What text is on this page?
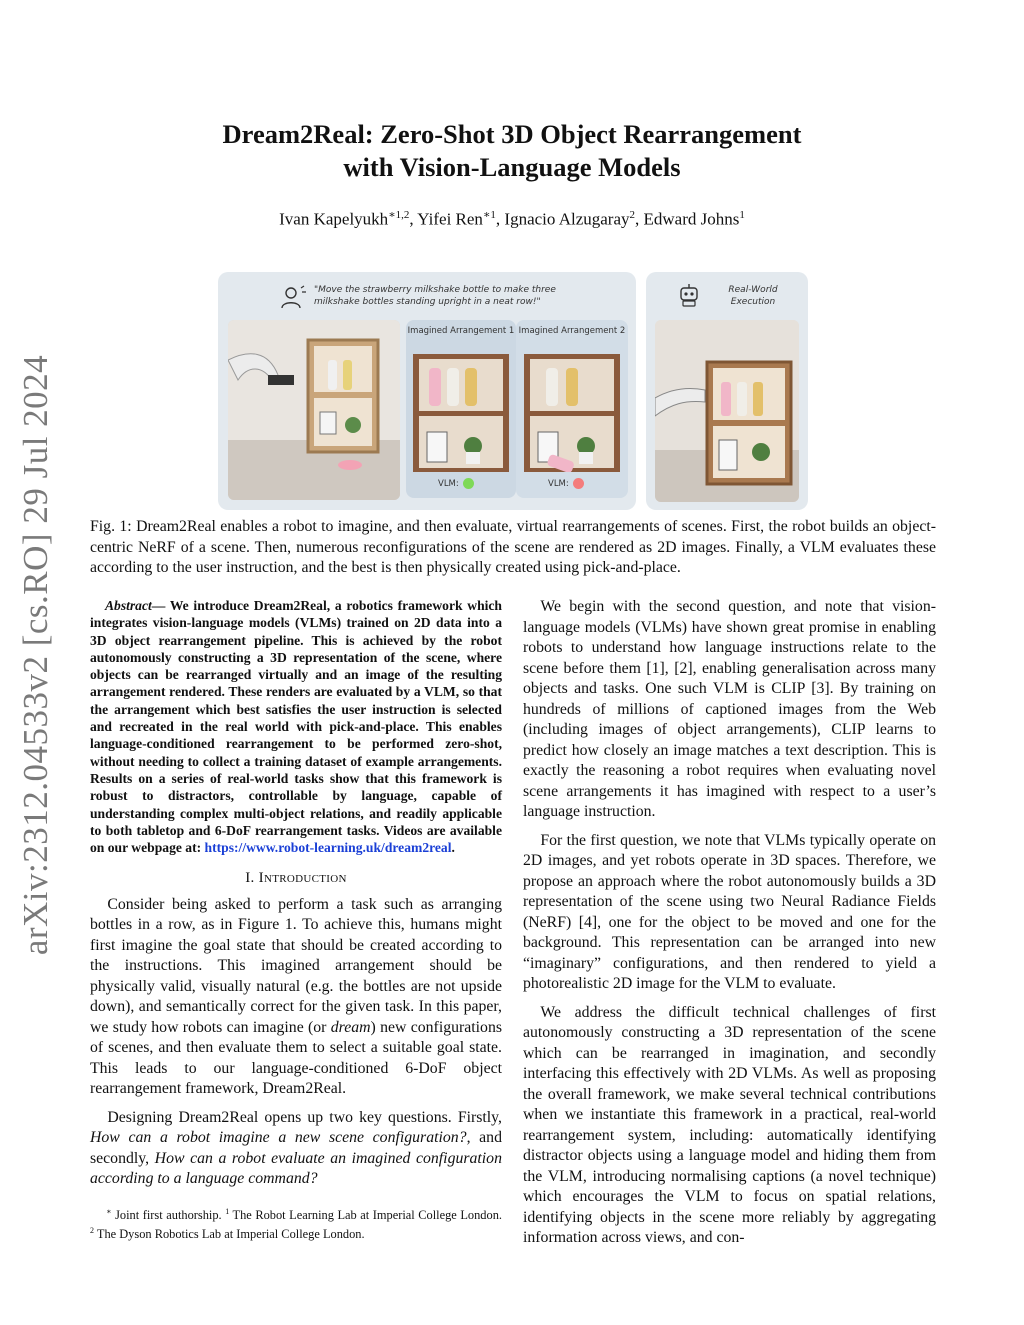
arXiv:2312.04533v2 [cs.RO] 29 Jul 2024
Dream2Real: Zero-Shot 3D Object Rearrangement
with Vision-Language Models
Ivan Kapelyukh$^{∗1,2}$, Yifei Ren$^{∗1}$, Ignacio Alzugaray$^2$, Edward Johns$^1$
"Move the strawberry milkshake bottle to make three milkshake bottles standing upright in a neat row!"
Imagined Arrangement 1
VLM:
Imagined Arrangement 2
VLM:
Real-World Execution
Fig. 1: Dream2Real enables a robot to imagine, and then evaluate, virtual rearrangements of scenes. First, the robot builds an object-centric NeRF of a scene. Then, numerous reconfigurations of the scene are rendered as 2D images. Finally, a VLM evaluates these according to the user instruction, and the best is then physically created using pick-and-place.

Abstract— We introduce Dream2Real, a robotics framework which integrates vision-language models (VLMs) trained on 2D data into a 3D object rearrangement pipeline. This is achieved by the robot autonomously constructing a 3D representation of the scene, where objects can be rearranged virtually and an image of the resulting arrangement rendered. These renders are evaluated by a VLM, so that the arrangement which best satisfies the user instruction is selected and recreated in the real world with pick-and-place. This enables language-conditioned rearrangement to be performed zero-shot, without needing to collect a training dataset of example arrangements. Results on a series of real-world tasks show that this framework is robust to distractors, controllable by language, capable of understanding complex multi-object relations, and readily applicable to both tabletop and 6-DoF rearrangement tasks. Videos are available on our webpage at: https://www.robot-learning.uk/dream2real.

I. Introduction

Consider being asked to perform a task such as arranging bottles in a row, as in Figure 1. To achieve this, humans might first imagine the goal state that should be created according to the instructions. This imagined arrangement should be physically valid, visually natural (e.g. the bottles are not upside down), and semantically correct for the given task. In this paper, we study how robots can imagine (or dream) new configurations of scenes, and then evaluate them to select a suitable goal state. This leads to our language-conditioned 6-DoF object rearrangement framework, Dream2Real.

Designing Dream2Real opens up two key questions. Firstly, How can a robot imagine a new scene configuration?, and secondly, How can a robot evaluate an imagined configuration according to a language command?

∗ Joint first authorship. $^1$ The Robot Learning Lab at Imperial College London. $^2$ The Dyson Robotics Lab at Imperial College London.

We begin with the second question, and note that vision-language models (VLMs) have shown great promise in enabling robots to understand how language instructions relate to the scene before them [1], [2], enabling generalisation across many objects and tasks. One such VLM is CLIP [3]. By training on hundreds of millions of captioned images from the Web (including images of object arrangements), CLIP learns to predict how closely an image matches a text description. This is exactly the reasoning a robot requires when evaluating novel scene arrangements it has imagined with respect to a user’s language instruction.

For the first question, we note that VLMs typically operate on 2D images, and yet robots operate in 3D spaces. Therefore, we propose an approach where the robot autonomously builds a 3D representation of the scene using two Neural Radiance Fields (NeRF) [4], one for the object to be moved and one for the background. This representation can be arranged into new “imaginary” configurations, and then rendered to yield a photorealistic 2D image for the VLM to evaluate.

We address the difficult technical challenges of first autonomously constructing a 3D representation of the scene which can be rearranged in imagination, and secondly interfacing this effectively with 2D VLMs. As well as proposing the overall framework, we make several technical contributions when we instantiate this framework in a practical, real-world rearrangement system, including: automatically identifying distractor objects using a language model and hiding them from the VLM, introducing normalising captions (a novel technique) which encourages the VLM to focus on spatial relations, identifying objects in the scene more reliably by aggregating information across views, and con-
